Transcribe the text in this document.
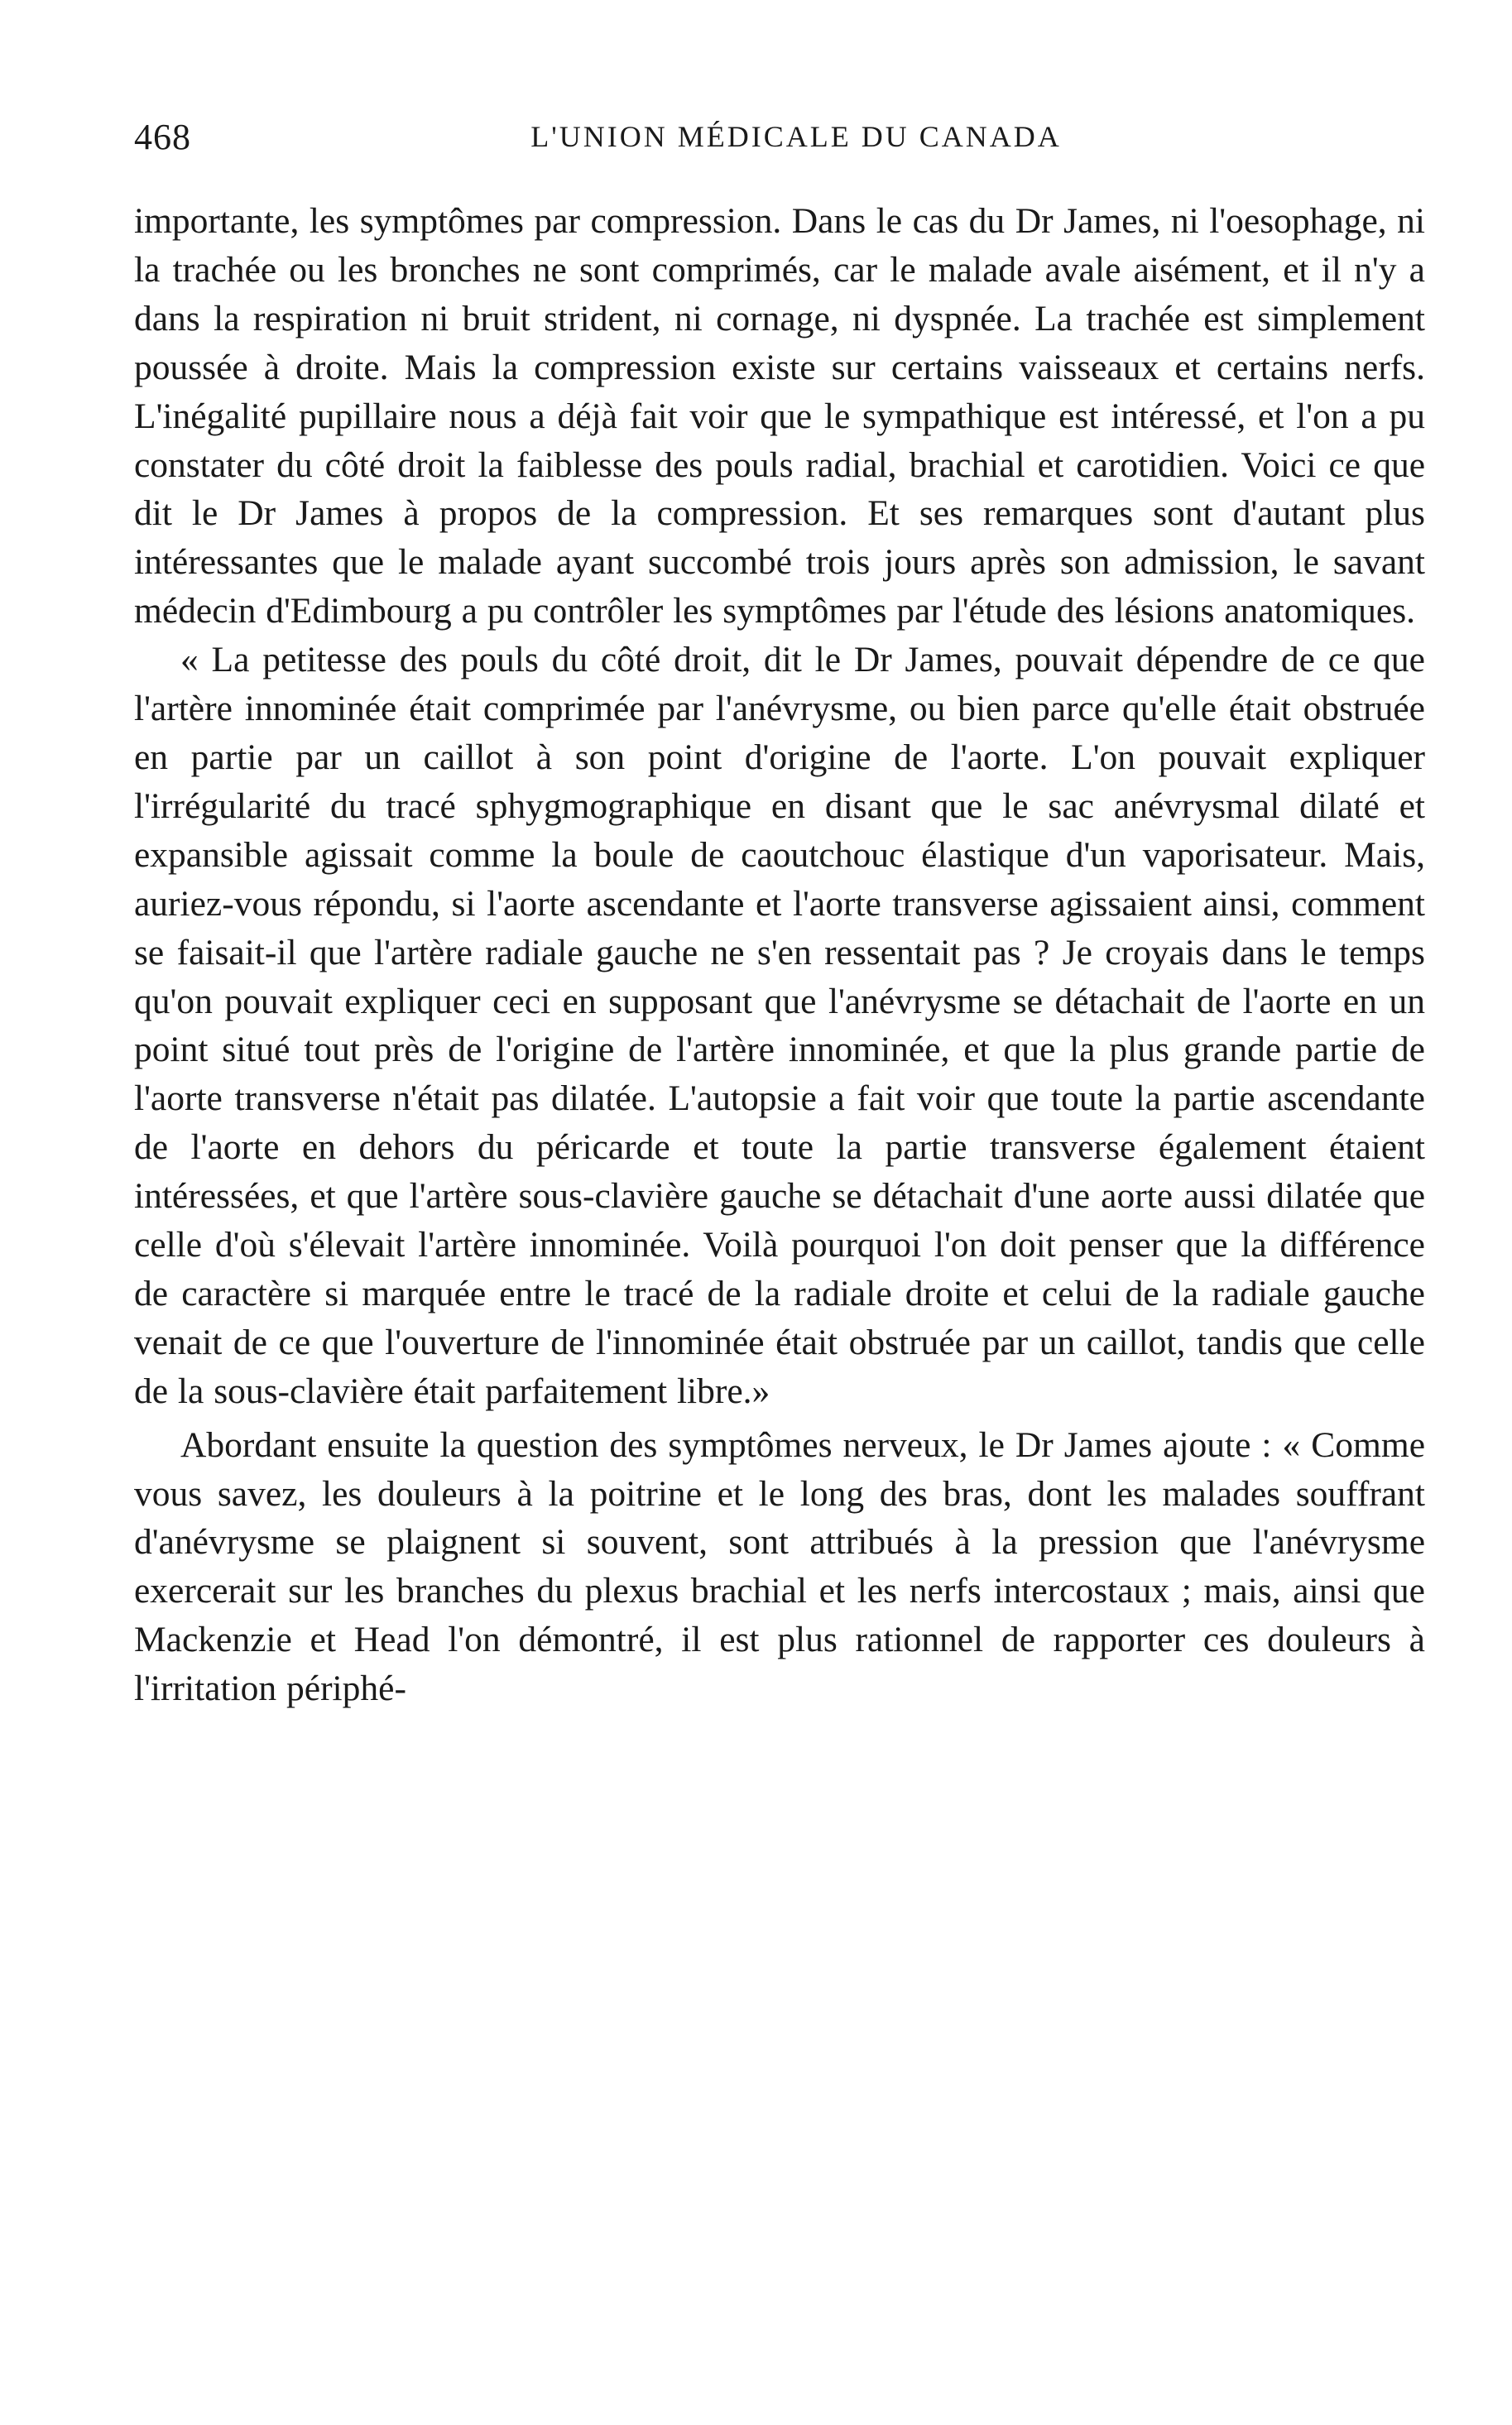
468	L'UNION MÉDICALE DU CANADA

importante, les symptômes par compression. Dans le cas du Dr James, ni l'oesophage, ni la trachée ou les bronches ne sont comprimés, car le malade avale aisément, et il n'y a dans la respiration ni bruit strident, ni cornage, ni dyspnée. La trachée est simplement poussée à droite. Mais la compression existe sur certains vaisseaux et certains nerfs. L'inégalité pupillaire nous a déjà fait voir que le sympathique est intéressé, et l'on a pu constater du côté droit la faiblesse des pouls radial, brachial et carotidien. Voici ce que dit le Dr James à propos de la compression. Et ses remarques sont d'autant plus intéressantes que le malade ayant succombé trois jours après son admission, le savant médecin d'Edimbourg a pu contrôler les symptômes par l'étude des lésions anatomiques.

« La petitesse des pouls du côté droit, dit le Dr James, pouvait dépendre de ce que l'artère innominée était comprimée par l'anévrysme, ou bien parce qu'elle était obstruée en partie par un caillot à son point d'origine de l'aorte. L'on pouvait expliquer l'irrégularité du tracé sphygmographique en disant que le sac anévrysmal dilaté et expansible agissait comme la boule de caoutchouc élastique d'un vaporisateur. Mais, auriez-vous répondu, si l'aorte ascendante et l'aorte transverse agissaient ainsi, comment se faisait-il que l'artère radiale gauche ne s'en ressentait pas ? Je croyais dans le temps qu'on pouvait expliquer ceci en supposant que l'anévrysme se détachait de l'aorte en un point situé tout près de l'origine de l'artère innominée, et que la plus grande partie de l'aorte transverse n'était pas dilatée. L'autopsie a fait voir que toute la partie ascendante de l'aorte en dehors du péricarde et toute la partie transverse également étaient intéressées, et que l'artère sous-clavière gauche se détachait d'une aorte aussi dilatée que celle d'où s'élevait l'artère innominée. Voilà pourquoi l'on doit penser que la différence de caractère si marquée entre le tracé de la radiale droite et celui de la radiale gauche venait de ce que l'ouverture de l'innominée était obstruée par un caillot, tandis que celle de la sous-clavière était parfaitement libre.»

Abordant ensuite la question des symptômes nerveux, le Dr James ajoute : « Comme vous savez, les douleurs à la poitrine et le long des bras, dont les malades souffrant d'anévrysme se plaignent si souvent, sont attribués à la pression que l'anévrysme exercerait sur les branches du plexus brachial et les nerfs intercostaux ; mais, ainsi que Mackenzie et Head l'on démontré, il est plus rationnel de rapporter ces douleurs à l'irritation périphé-
